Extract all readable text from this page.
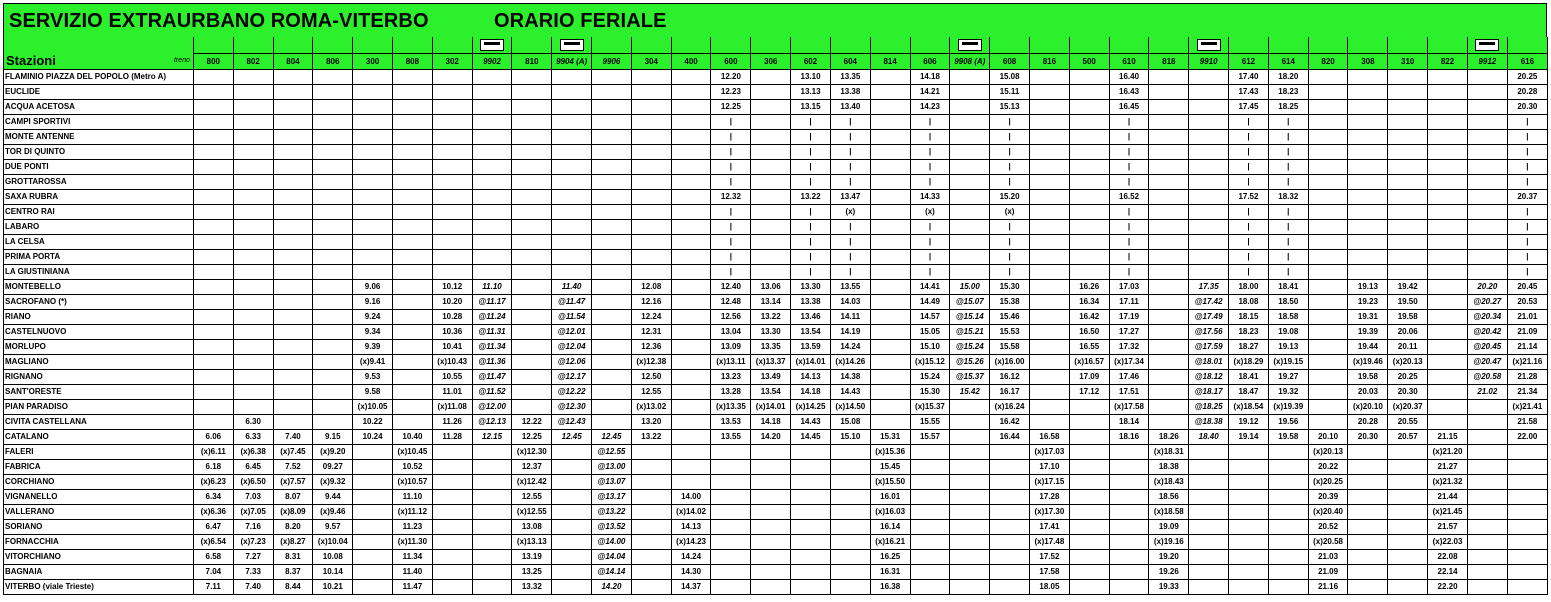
SERVIZIO EXTRAURBANO ROMA-VITERBO	ORARIO FERIALE
Stazioni treno																																		

	800	802	804	806	300	808	302	9902	810	9904 (A)	9906	304	400	600	306	602	604	814	606	9908 (A)	608	816	500	610	818	9910	612	614	820	308	310	822	9912	616
FLAMINIO PIAZZA DEL POPOLO (Metro A)														12.20		13.10	13.35		14.18		15.08			16.40			17.40	18.20						20.25
EUCLIDE														12.23		13.13	13.38		14.21		15.11			16.43			17.43	18.23						20.28
ACQUA ACETOSA														12.25		13.15	13.40		14.23		15.13			16.45			17.45	18.25						20.30
CAMPI SPORTIVI														|		|	|		|		|			|			|	|						|
MONTE ANTENNE														|		|	|		|		|			|			|	|						|
TOR DI QUINTO														|		|	|		|		|			|			|	|						|
DUE PONTI														|		|	|		|		|			|			|	|						|
GROTTAROSSA														|		|	|		|		|			|			|	|						|
SAXA RUBRA														12.32		13.22	13.47		14.33		15.20			16.52			17.52	18.32						20.37
CENTRO RAI														|		|	(x)		(x)		(x)			|			|	|						|
LABARO														|		|	|		|		|			|			|	|						|
LA CELSA														|		|	|		|		|			|			|	|						|
PRIMA PORTA														|		|	|		|		|			|			|	|						|
LA GIUSTINIANA														|		|	|		|		|			|			|	|						|
MONTEBELLO					9.06		10.12	11.10		11.40		12.08		12.40	13.06	13.30	13.55		14.41	15.00	15.30		16.26	17.03		17.35	18.00	18.41		19.13	19.42		20.20	20.45
SACROFANO (*)					9.16		10.20	@11.17		@11.47		12.16		12.48	13.14	13.38	14.03		14.49	@15.07	15.38		16.34	17.11		@17.42	18.08	18.50		19.23	19.50		@20.27	20.53
RIANO					9.24		10.28	@11.24		@11.54		12.24		12.56	13.22	13.46	14.11		14.57	@15.14	15.46		16.42	17.19		@17.49	18.15	18.58		19.31	19.58		@20.34	21.01
CASTELNUOVO					9.34		10.36	@11.31		@12.01		12.31		13.04	13.30	13.54	14.19		15.05	@15.21	15.53		16.50	17.27		@17.56	18.23	19.08		19.39	20.06		@20.42	21.09
MORLUPO					9.39		10.41	@11.34		@12.04		12.36		13.09	13.35	13.59	14.24		15.10	@15.24	15.58		16.55	17.32		@17.59	18.27	19.13		19.44	20.11		@20.45	21.14
MAGLIANO					(x)9.41		(x)10.43	@11.36		@12.06		(x)12.38		(x)13.11	(x)13.37	(x)14.01	(x)14.26		(x)15.12	@15.26	(x)16.00		(x)16.57	(x)17.34		@18.01	(x)18.29	(x)19.15		(x)19.46	(x)20.13		@20.47	(x)21.16
RIGNANO					9.53		10.55	@11.47		@12.17		12.50		13.23	13.49	14.13	14.38		15.24	@15.37	16.12		17.09	17.46		@18.12	18.41	19.27		19.58	20.25		@20.58	21.28
SANT'ORESTE					9.58		11.01	@11.52		@12.22		12.55		13.28	13.54	14.18	14.43		15.30	15.42	16.17		17.12	17.51		@18.17	18.47	19.32		20.03	20.30		21.02	21.34
PIAN PARADISO					(x)10.05		(x)11.08	@12.00		@12.30		(x)13.02		(x)13.35	(x)14.01	(x)14.25	(x)14.50		(x)15.37		(x)16.24			(x)17.58		@18.25	(x)18.54	(x)19.39		(x)20.10	(x)20.37			(x)21.41
CIVITA CASTELLANA		6.30			10.22		11.26	@12.13	12.22	@12.43		13.20		13.53	14.18	14.43	15.08		15.55		16.42			18.14		@18.38	19.12	19.56		20.28	20.55			21.58
CATALANO	6.06	6.33	7.40	9.15	10.24	10.40	11.28	12.15	12.25	12.45	12.45	13.22		13.55	14.20	14.45	15.10	15.31	15.57		16.44	16.58		18.16	18.26	18.40	19.14	19.58	20.10	20.30	20.57	21.15		22.00
FALERI	(x)6.11	(x)6.38	(x)7.45	(x)9.20		(x)10.45			(x)12.30		@12.55							(x)15.36				(x)17.03			(x)18.31				(x)20.13			(x)21.20		
FABRICA	6.18	6.45	7.52	09.27		10.52			12.37		@13.00							15.45				17.10			18.38				20.22			21.27		
CORCHIANO	(x)6.23	(x)6.50	(x)7.57	(x)9.32		(x)10.57			(x)12.42		@13.07							(x)15.50				(x)17.15			(x)18.43				(x)20.25			(x)21.32		
VIGNANELLO	6.34	7.03	8.07	9.44		11.10			12.55		@13.17		14.00					16.01				17.28			18.56				20.39			21.44		
VALLERANO	(x)6.36	(x)7.05	(x)8.09	(x)9.46		(x)11.12			(x)12.55		@13.22		(x)14.02					(x)16.03				(x)17.30			(x)18.58				(x)20.40			(x)21.45		
SORIANO	6.47	7.16	8.20	9.57		11.23			13.08		@13.52		14.13					16.14				17.41			19.09				20.52			21.57		
FORNACCHIA	(x)6.54	(x)7.23	(x)8.27	(x)10.04		(x)11.30			(x)13.13		@14.00		(x)14.23					(x)16.21				(x)17.48			(x)19.16				(x)20.58			(x)22.03		
VITORCHIANO	6.58	7.27	8.31	10.08		11.34			13.19		@14.04		14.24					16.25				17.52			19.20				21.03			22.08		
BAGNAIA	7.04	7.33	8.37	10.14		11.40			13.25		@14.14		14.30					16.31				17.58			19.26				21.09			22.14		
VITERBO (viale Trieste)	7.11	7.40	8.44	10.21		11.47			13.32		14.20		14.37					16.38				18.05			19.33				21.16			22.20		
